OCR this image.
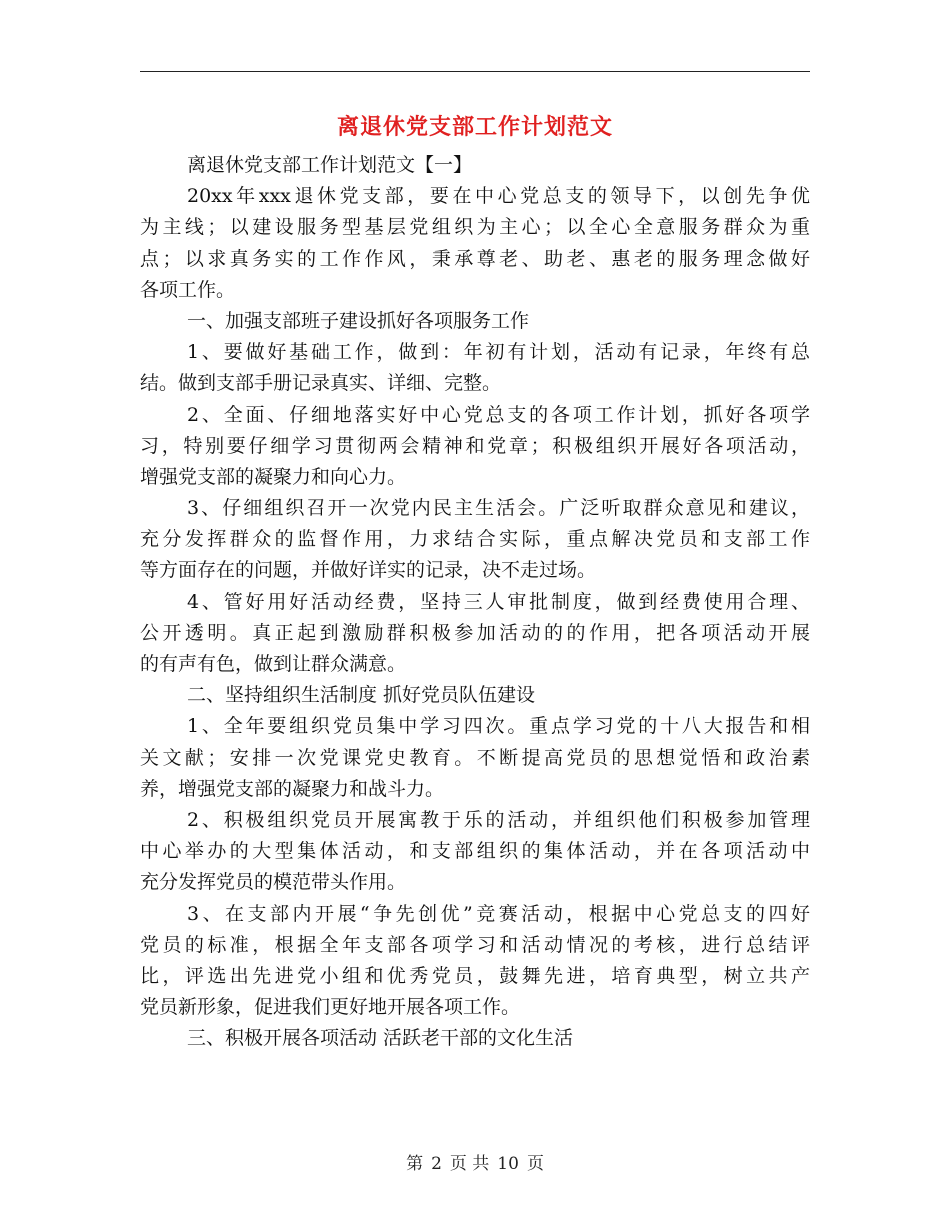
离退休党支部工作计划范文
离退休党支部工作计划范文【一】
20xx年xxx退休党支部，要在中心党总支的领导下，以创先争优
为主线；以建设服务型基层党组织为主心；以全心全意服务群众为重
点；以求真务实的工作作风，秉承尊老、助老、惠老的服务理念做好
各项工作。
一、加强支部班子建设抓好各项服务工作
1、要做好基础工作，做到：年初有计划，活动有记录，年终有总
结。做到支部手册记录真实、详细、完整。
2、全面、仔细地落实好中心党总支的各项工作计划，抓好各项学
习，特别要仔细学习贯彻两会精神和党章；积极组织开展好各项活动，
增强党支部的凝聚力和向心力。
3、仔细组织召开一次党内民主生活会。广泛听取群众意见和建议，
充分发挥群众的监督作用，力求结合实际，重点解决党员和支部工作
等方面存在的问题，并做好详实的记录，决不走过场。
4、管好用好活动经费，坚持三人审批制度，做到经费使用合理、
公开透明。真正起到激励群积极参加活动的的作用，把各项活动开展
的有声有色，做到让群众满意。
二、坚持组织生活制度 抓好党员队伍建设
1、全年要组织党员集中学习四次。重点学习党的十八大报告和相
关文献；安排一次党课党史教育。不断提高党员的思想觉悟和政治素
养，增强党支部的凝聚力和战斗力。
2、积极组织党员开展寓教于乐的活动，并组织他们积极参加管理
中心举办的大型集体活动，和支部组织的集体活动，并在各项活动中
充分发挥党员的模范带头作用。
3、在支部内开展“争先创优”竞赛活动，根据中心党总支的四好
党员的标准，根据全年支部各项学习和活动情况的考核，进行总结评
比，评选出先进党小组和优秀党员，鼓舞先进，培育典型，树立共产
党员新形象，促进我们更好地开展各项工作。
三、积极开展各项活动 活跃老干部的文化生活
第 2 页 共 10 页
